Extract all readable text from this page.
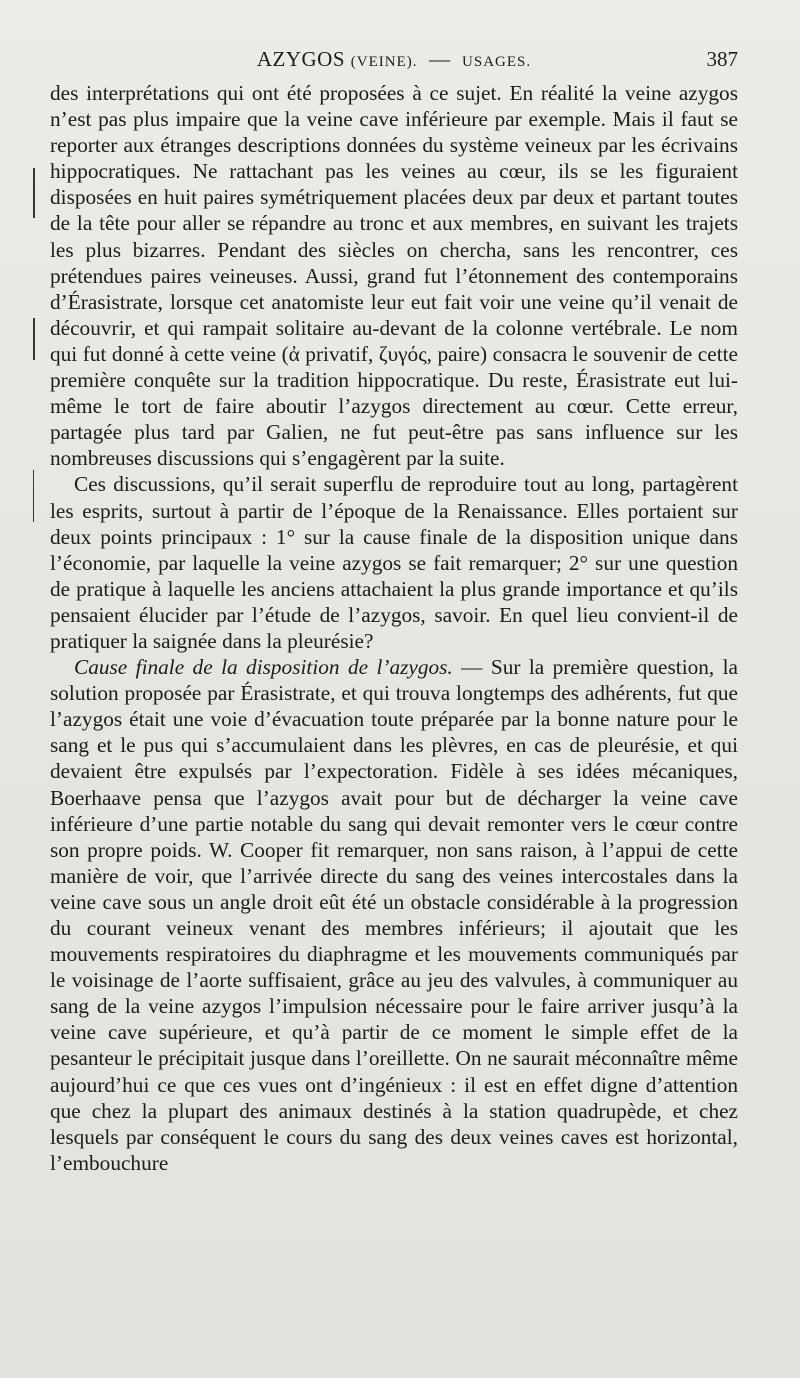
AZYGOS (VEINE). — USAGES.	387

des interprétations qui ont été proposées à ce sujet. En réalité la veine azygos n’est pas plus impaire que la veine cave inférieure par exemple. Mais il faut se reporter aux étranges descriptions données du système veineux par les écrivains hippocratiques. Ne rattachant pas les veines au cœur, ils se les figuraient disposées en huit paires symétriquement placées deux par deux et partant toutes de la tête pour aller se répandre au tronc et aux membres, en suivant les trajets les plus bizarres. Pendant des siècles on chercha, sans les rencontrer, ces prétendues paires veineuses. Aussi, grand fut l’étonnement des contemporains d’Érasistrate, lorsque cet anatomiste leur eut fait voir une veine qu’il venait de découvrir, et qui rampait solitaire au-devant de la colonne vertébrale. Le nom qui fut donné à cette veine (ἀ privatif, ζυγός, paire) consacra le souvenir de cette première conquête sur la tradition hippocratique. Du reste, Érasistrate eut lui-même le tort de faire aboutir l’azygos directement au cœur. Cette erreur, partagée plus tard par Galien, ne fut peut-être pas sans influence sur les nombreuses discussions qui s’engagèrent par la suite.

Ces discussions, qu’il serait superflu de reproduire tout au long, partagèrent les esprits, surtout à partir de l’époque de la Renaissance. Elles portaient sur deux points principaux : 1° sur la cause finale de la disposition unique dans l’économie, par laquelle la veine azygos se fait remarquer; 2° sur une question de pratique à laquelle les anciens attachaient la plus grande importance et qu’ils pensaient élucider par l’étude de l’azygos, savoir. En quel lieu convient-il de pratiquer la saignée dans la pleurésie?

Cause finale de la disposition de l’azygos. — Sur la première question, la solution proposée par Érasistrate, et qui trouva longtemps des adhérents, fut que l’azygos était une voie d’évacuation toute préparée par la bonne nature pour le sang et le pus qui s’accumulaient dans les plèvres, en cas de pleurésie, et qui devaient être expulsés par l’expectoration. Fidèle à ses idées mécaniques, Boerhaave pensa que l’azygos avait pour but de décharger la veine cave inférieure d’une partie notable du sang qui devait remonter vers le cœur contre son propre poids. W. Cooper fit remarquer, non sans raison, à l’appui de cette manière de voir, que l’arrivée directe du sang des veines intercostales dans la veine cave sous un angle droit eût été un obstacle considérable à la progression du courant veineux venant des membres inférieurs; il ajoutait que les mouvements respiratoires du diaphragme et les mouvements communiqués par le voisinage de l’aorte suffisaient, grâce au jeu des valvules, à communiquer au sang de la veine azygos l’impulsion nécessaire pour le faire arriver jusqu’à la veine cave supérieure, et qu’à partir de ce moment le simple effet de la pesanteur le précipitait jusque dans l’oreillette. On ne saurait méconnaître même aujourd’hui ce que ces vues ont d’ingénieux : il est en effet digne d’attention que chez la plupart des animaux destinés à la station quadrupède, et chez lesquels par conséquent le cours du sang des deux veines caves est horizontal, l’embouchure
